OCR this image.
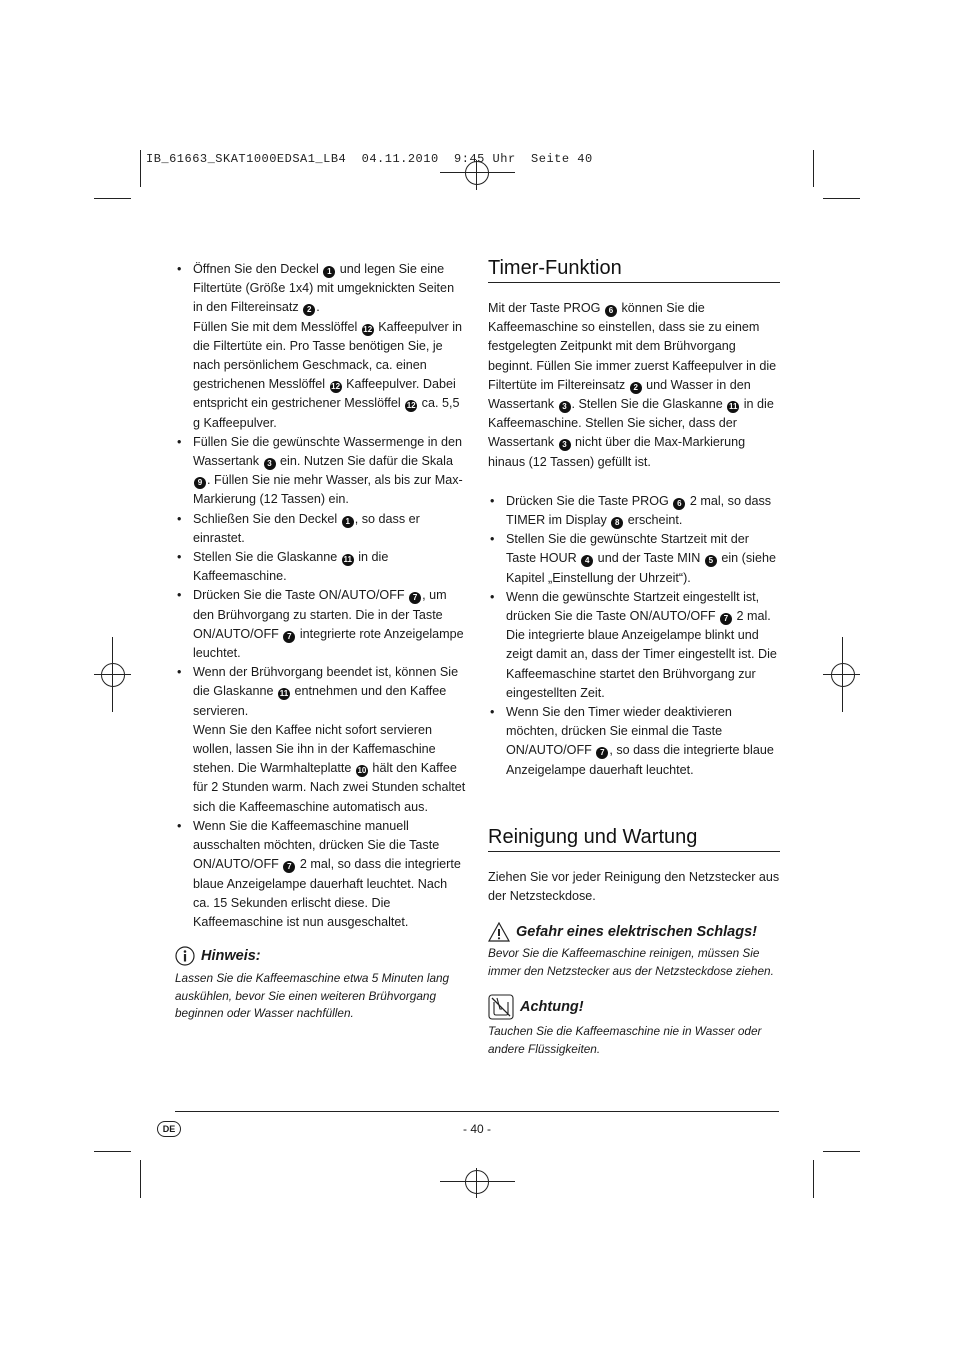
IB_61663_SKAT1000EDSA1_LB4  04.11.2010  9:45 Uhr  Seite 40
• Öffnen Sie den Deckel 1 und legen Sie eine Filtertüte (Größe 1x4) mit umgeknickten Seiten in den Filtereinsatz 2 .
Füllen Sie mit dem Messlöffel 12 Kaffeepulver in die Filtertüte ein. Pro Tasse benötigen Sie, je nach persönlichem Geschmack, ca. einen gestrichenen Messlöffel 12 Kaffeepulver. Dabei entspricht ein gestrichener Messlöffel 12 ca. 5,5 g Kaffeepulver.
• Füllen Sie die gewünschte Wassermenge in den Wassertank 3 ein. Nutzen Sie dafür die Skala 9 . Füllen Sie nie mehr Wasser, als bis zur Max-Markierung (12 Tassen) ein.
• Schließen Sie den Deckel 1 , so dass er einrastet.
• Stellen Sie die Glaskanne 11 in die Kaffeemaschine.
• Drücken Sie die Taste ON/AUTO/OFF 7 , um den Brühvorgang zu starten. Die in der Taste ON/AUTO/OFF 7 integrierte rote Anzeigelampe leuchtet.
• Wenn der Brühvorgang beendet ist, können Sie die Glaskanne 11 entnehmen und den Kaffee servieren.
Wenn Sie den Kaffee nicht sofort servieren wollen, lassen Sie ihn in der Kaffemaschine stehen. Die Warmhalteplatte 10 hält den Kaffee für 2 Stunden warm. Nach zwei Stunden schaltet sich die Kaffeemaschine automatisch aus.
• Wenn Sie die Kaffeemaschine manuell ausschalten möchten, drücken Sie die Taste ON/AUTO/OFF 7 2 mal, so dass die integrierte blaue Anzeigelampe dauerhaft leuchtet. Nach ca. 15 Sekunden erlischt diese. Die Kaffeemaschine ist nun ausgeschaltet.
Hinweis:

Lassen Sie die Kaffeemaschine etwa 5 Minuten lang auskühlen, bevor Sie einen weiteren Brühvorgang beginnen oder Wasser nachfüllen.

Timer-Funktion

Mit der Taste PROG 6 können Sie die Kaffeemaschine so einstellen, dass sie zu einem festgelegten Zeitpunkt mit dem Brühvorgang beginnt. Füllen Sie immer zuerst Kaffeepulver in die Filtertüte im Filtereinsatz 2 und Wasser in den Wassertank 3 . Stellen Sie die Glaskanne 11 in die Kaffeemaschine. Stellen Sie sicher, dass der Wassertank 3 nicht über die Max-Markierung hinaus (12 Tassen) gefüllt ist.

• Drücken Sie die Taste PROG 6 2 mal, so dass TIMER im Display 8 erscheint.
• Stellen Sie die gewünschte Startzeit mit der Taste HOUR 4 und der Taste MIN 5 ein (siehe Kapitel „Einstellung der Uhrzeit“).
• Wenn die gewünschte Startzeit eingestellt ist, drücken Sie die Taste ON/AUTO/OFF 7 2 mal. Die integrierte blaue Anzeigelampe blinkt und zeigt damit an, dass der Timer eingestellt ist. Die Kaffeemaschine startet den Brühvorgang zur eingestellten Zeit.
• Wenn Sie den Timer wieder deaktivieren möchten, drücken Sie einmal die Taste ON/AUTO/OFF 7 , so dass die integrierte blaue Anzeigelampe dauerhaft leuchtet.
Reinigung und Wartung

Ziehen Sie vor jeder Reinigung den Netzstecker aus der Netzsteckdose.

Gefahr eines elektrischen Schlags!

Bevor Sie die Kaffeemaschine reinigen, müssen Sie immer den Netzstecker aus der Netzsteckdose ziehen.

Achtung!

Tauchen Sie die Kaffeemaschine nie in Wasser oder andere Flüssigkeiten.

DE	- 40 -
